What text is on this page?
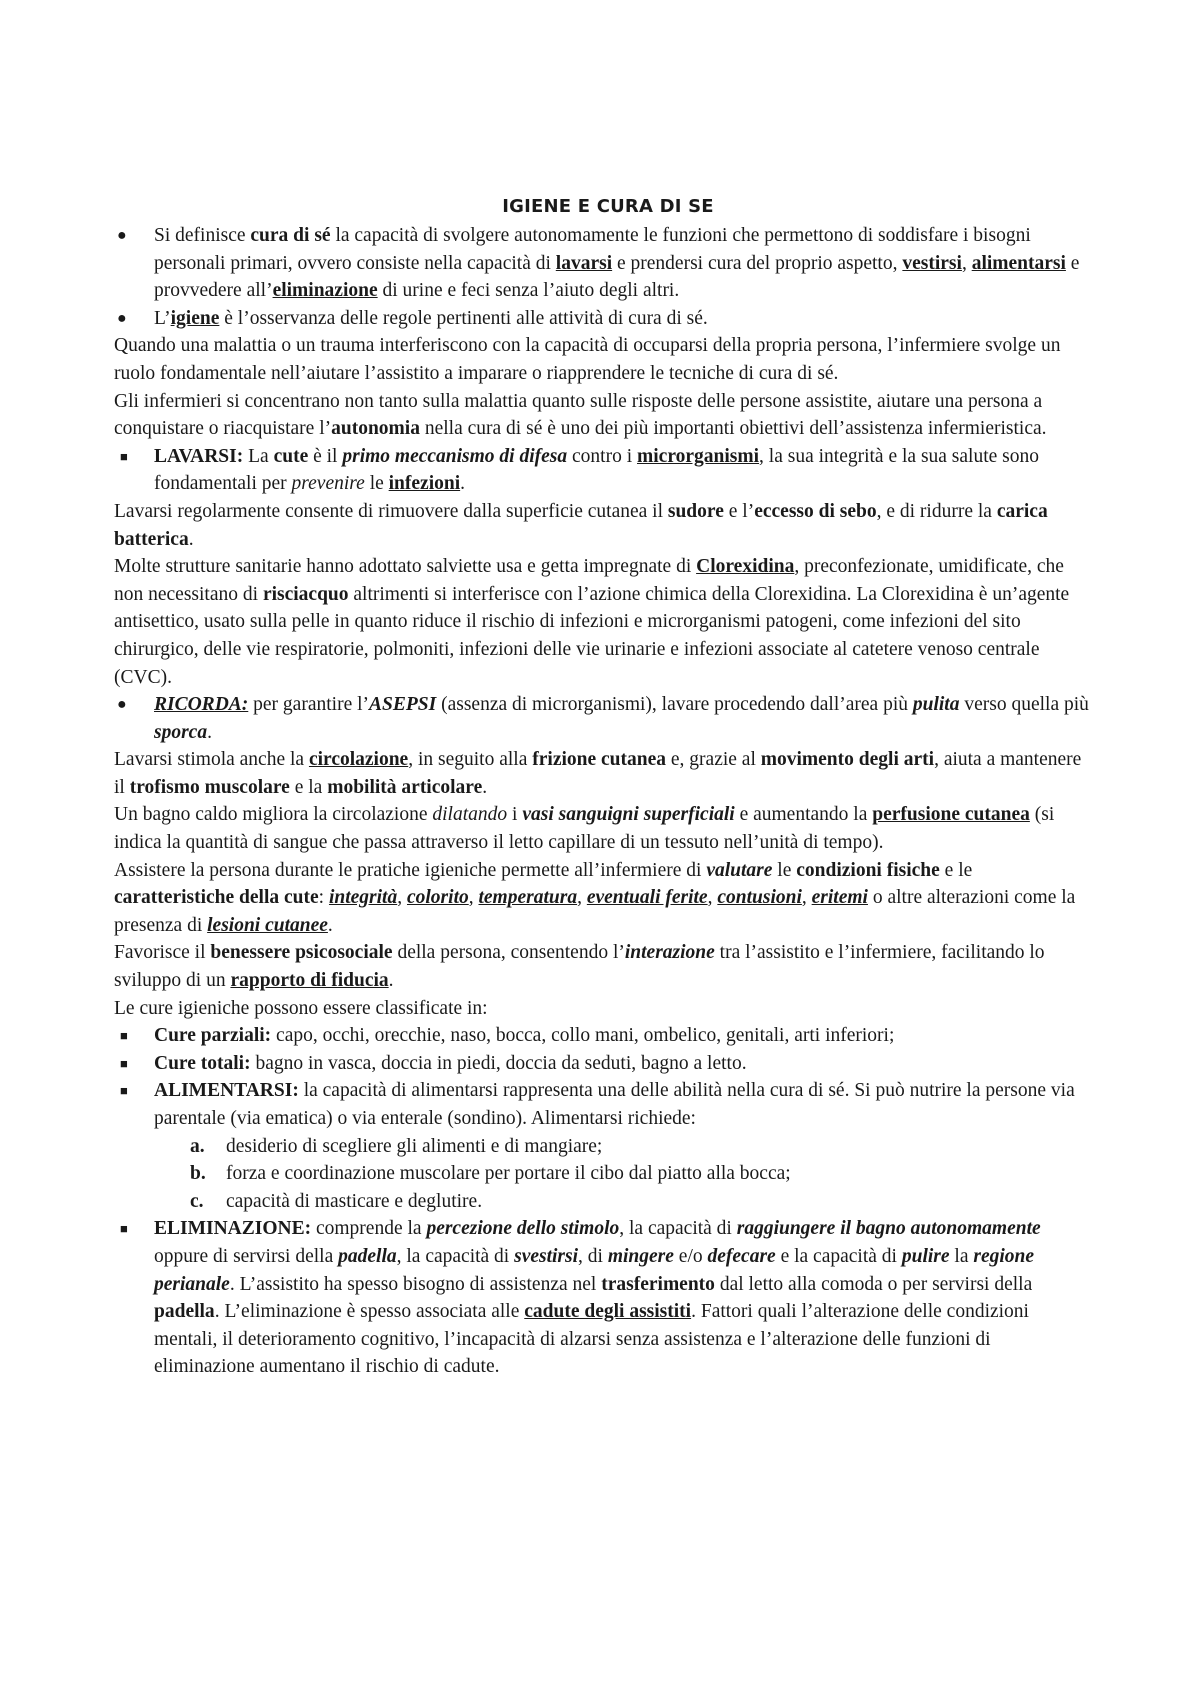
IGIENE E CURA DI SE
● Si definisce cura di sé la capacità di svolgere autonomamente le funzioni che permettono di soddisfare i bisogni personali primari, ovvero consiste nella capacità di lavarsi e prendersi cura del proprio aspetto, vestirsi, alimentarsi e provvedere all’eliminazione di urine e feci senza l’aiuto degli altri.
● L’igiene è l’osservanza delle regole pertinenti alle attività di cura di sé.
Quando una malattia o un trauma interferiscono con la capacità di occuparsi della propria persona, l’infermiere svolge un ruolo fondamentale nell’aiutare l’assistito a imparare o riapprendere le tecniche di cura di sé.
Gli infermieri si concentrano non tanto sulla malattia quanto sulle risposte delle persone assistite, aiutare una persona a conquistare o riacquistare l’autonomia nella cura di sé è uno dei più importanti obiettivi dell’assistenza infermieristica.
■ LAVARSI: La cute è il primo meccanismo di difesa contro i microrganismi, la sua integrità e la sua salute sono fondamentali per prevenire le infezioni.
Lavarsi regolarmente consente di rimuovere dalla superficie cutanea il sudore e l’eccesso di sebo, e di ridurre la carica batterica.
Molte strutture sanitarie hanno adottato salviette usa e getta impregnate di Clorexidina, preconfezionate, umidificate, che non necessitano di risciacquo altrimenti si interferisce con l’azione chimica della Clorexidina. La Clorexidina è un’agente antisettico, usato sulla pelle in quanto riduce il rischio di infezioni e microrganismi patogeni, come infezioni del sito chirurgico, delle vie respiratorie, polmoniti, infezioni delle vie urinarie e infezioni associate al catetere venoso centrale (CVC).
● RICORDA: per garantire l’ASEPSI (assenza di microrganismi), lavare procedendo dall’area più pulita verso quella più sporca.
Lavarsi stimola anche la circolazione, in seguito alla frizione cutanea e, grazie al movimento degli arti, aiuta a mantenere il trofismo muscolare e la mobilità articolare.
Un bagno caldo migliora la circolazione dilatando i vasi sanguigni superficiali e aumentando la perfusione cutanea (si indica la quantità di sangue che passa attraverso il letto capillare di un tessuto nell’unità di tempo).
Assistere la persona durante le pratiche igieniche permette all’infermiere di valutare le condizioni fisiche e le caratteristiche della cute: integrità, colorito, temperatura, eventuali ferite, contusioni, eritemi o altre alterazioni come la presenza di lesioni cutanee.
Favorisce il benessere psicosociale della persona, consentendo l’interazione tra l’assistito e l’infermiere, facilitando lo sviluppo di un rapporto di fiducia.
Le cure igieniche possono essere classificate in:
■ Cure parziali: capo, occhi, orecchie, naso, bocca, collo mani, ombelico, genitali, arti inferiori;
■ Cure totali: bagno in vasca, doccia in piedi, doccia da seduti, bagno a letto.
■ ALIMENTARSI: la capacità di alimentarsi rappresenta una delle abilità nella cura di sé. Si può nutrire la persone via parentale (via ematica) o via enterale (sondino). Alimentarsi richiede:
a. desiderio di scegliere gli alimenti e di mangiare;
b. forza e coordinazione muscolare per portare il cibo dal piatto alla bocca;
c. capacità di masticare e deglutire.
■ ELIMINAZIONE: comprende la percezione dello stimolo, la capacità di raggiungere il bagno autonomamente oppure di servirsi della padella, la capacità di svestirsi, di mingere e/o defecare e la capacità di pulire la regione perianale. L’assistito ha spesso bisogno di assistenza nel trasferimento dal letto alla comoda o per servirsi della padella. L’eliminazione è spesso associata alle cadute degli assistiti. Fattori quali l’alterazione delle condizioni mentali, il deterioramento cognitivo, l’incapacità di alzarsi senza assistenza e l’alterazione delle funzioni di eliminazione aumentano il rischio di cadute.
